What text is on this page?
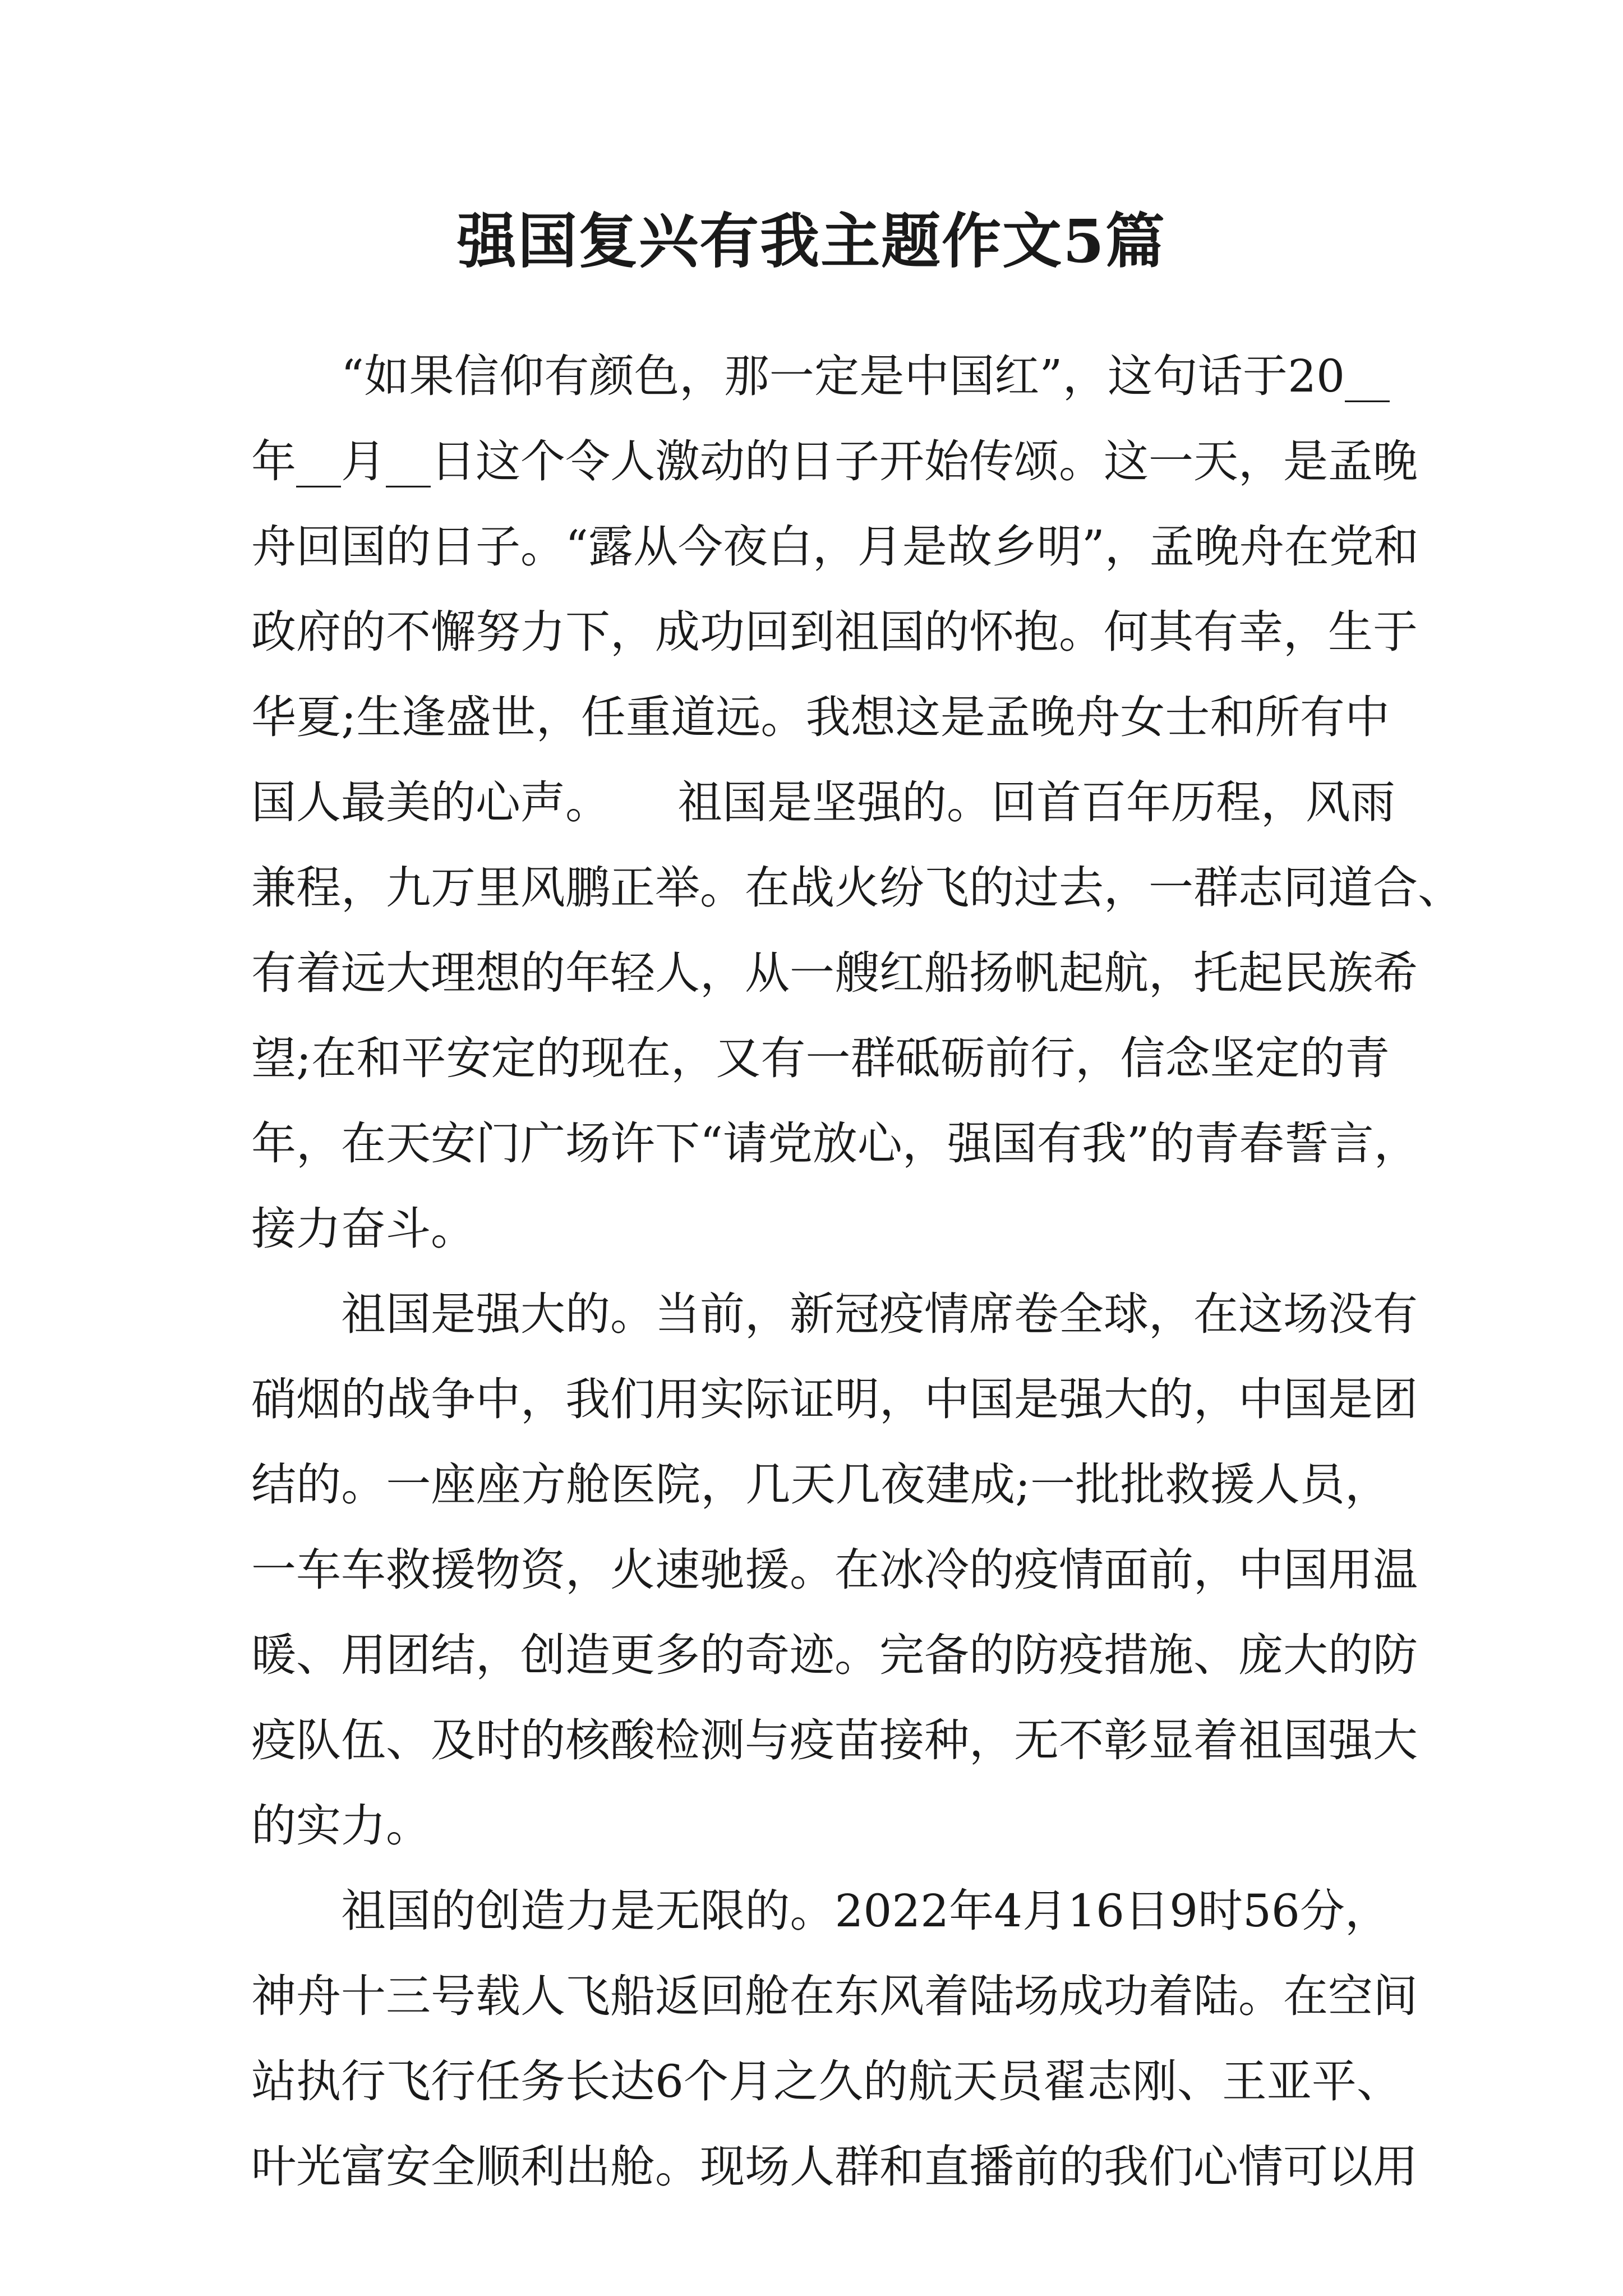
强国复兴有我主题作文5篇
“如果信仰有颜色，那一定是中国红”，这句话于20__
年__月__日这个令人激动的日子开始传颂。这一天，是孟晚
舟回国的日子。“露从今夜白，月是故乡明”，孟晚舟在党和
政府的不懈努力下，成功回到祖国的怀抱。何其有幸，生于
华夏;生逢盛世，任重道远。我想这是孟晚舟女士和所有中
国人最美的心声。　　祖国是坚强的。回首百年历程，风雨
兼程，九万里风鹏正举。在战火纷飞的过去，一群志同道合、
有着远大理想的年轻人，从一艘红船扬帆起航，托起民族希
望;在和平安定的现在，又有一群砥砺前行，信念坚定的青
年，在天安门广场许下“请党放心，强国有我”的青春誓言，
接力奋斗。
祖国是强大的。当前，新冠疫情席卷全球，在这场没有
硝烟的战争中，我们用实际证明，中国是强大的，中国是团
结的。一座座方舱医院，几天几夜建成;一批批救援人员，
一车车救援物资，火速驰援。在冰冷的疫情面前，中国用温
暖、用团结，创造更多的奇迹。完备的防疫措施、庞大的防
疫队伍、及时的核酸检测与疫苗接种，无不彰显着祖国强大
的实力。
祖国的创造力是无限的。2022年4月16日9时56分，
神舟十三号载人飞船返回舱在东风着陆场成功着陆。在空间
站执行飞行任务长达6个月之久的航天员翟志刚、王亚平、
叶光富安全顺利出舱。现场人群和直播前的我们心情可以用
